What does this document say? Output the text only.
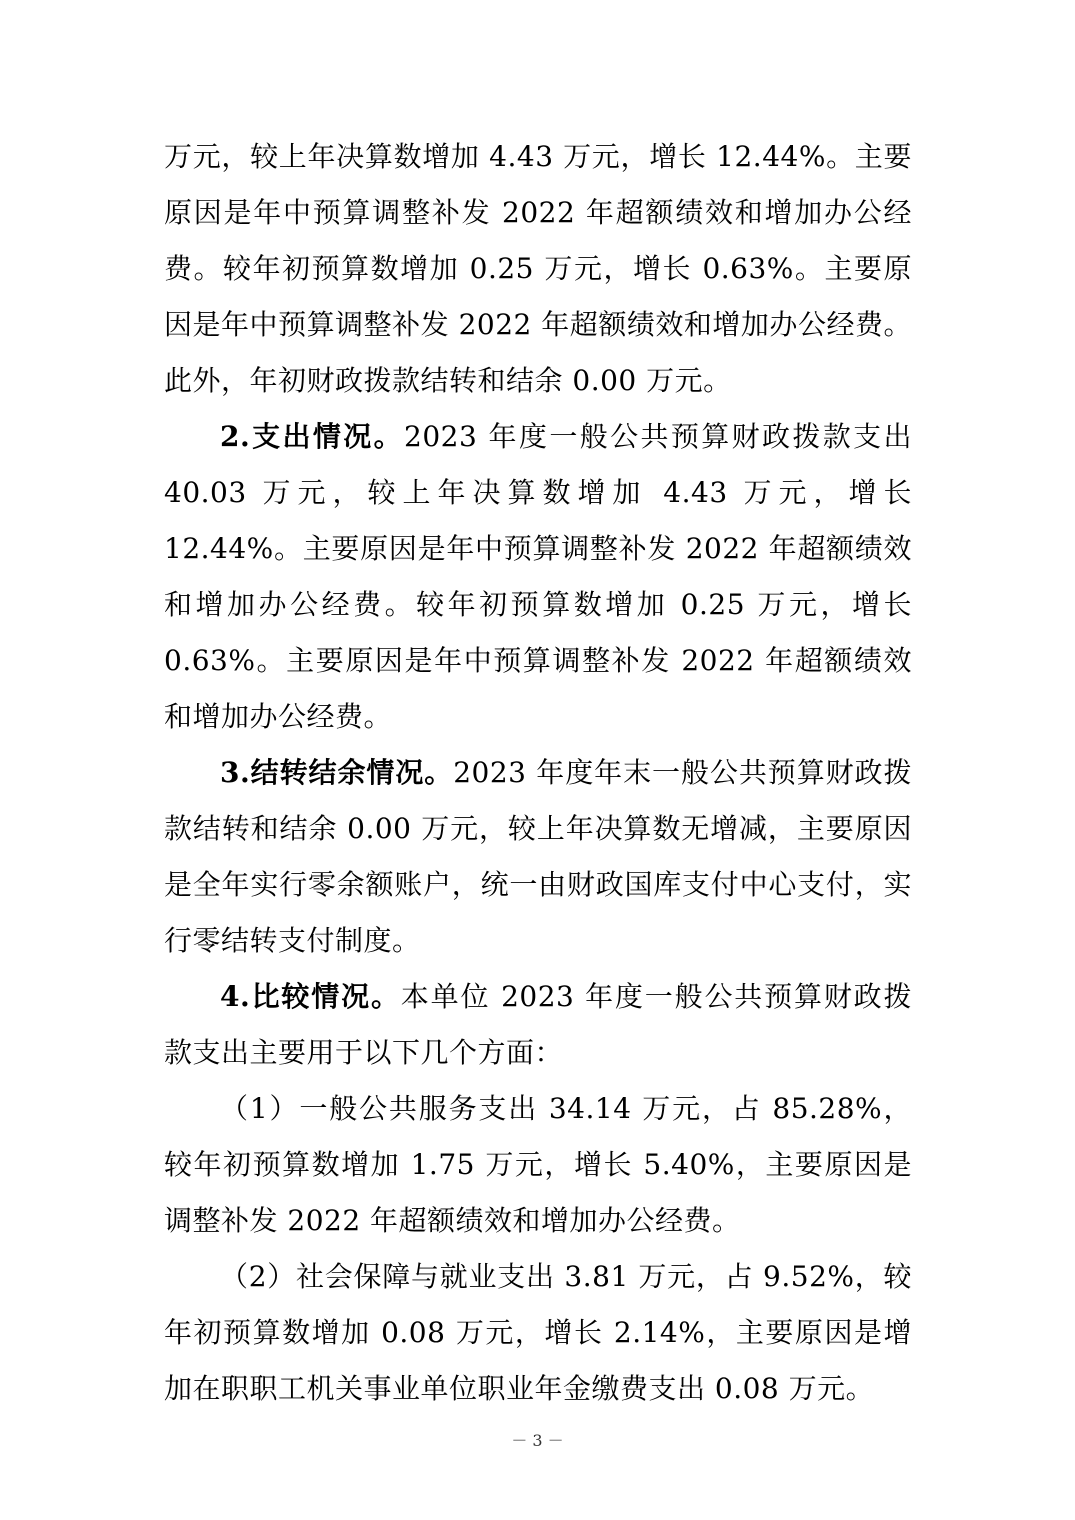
万元，较上年决算数增加 4.43 万元，增长 12.44%。主要原因是年中预算调整补发 2022 年超额绩效和增加办公经费。较年初预算数增加 0.25 万元，增长 0.63%。主要原因是年中预算调整补发 2022 年超额绩效和增加办公经费。此外，年初财政拨款结转和结余 0.00 万元。

2.支出情况。2023 年度一般公共预算财政拨款支出 40.03 万元，较上年决算数增加 4.43 万元，增长 12.44%。主要原因是年中预算调整补发 2022 年超额绩效和增加办公经费。较年初预算数增加 0.25 万元，增长 0.63%。主要原因是年中预算调整补发 2022 年超额绩效和增加办公经费。

3.结转结余情况。2023 年度年末一般公共预算财政拨款结转和结余 0.00 万元，较上年决算数无增减，主要原因是全年实行零余额账户，统一由财政国库支付中心支付，实行零结转支付制度。

4.比较情况。本单位 2023 年度一般公共预算财政拨款支出主要用于以下几个方面：

（1）一般公共服务支出 34.14 万元，占 85.28%，较年初预算数增加 1.75 万元，增长 5.40%，主要原因是调整补发 2022 年超额绩效和增加办公经费。

（2）社会保障与就业支出 3.81 万元，占 9.52%，较年初预算数增加 0.08 万元，增长 2.14%，主要原因是增加在职职工机关事业单位职业年金缴费支出 0.08 万元。

－ 3 －
